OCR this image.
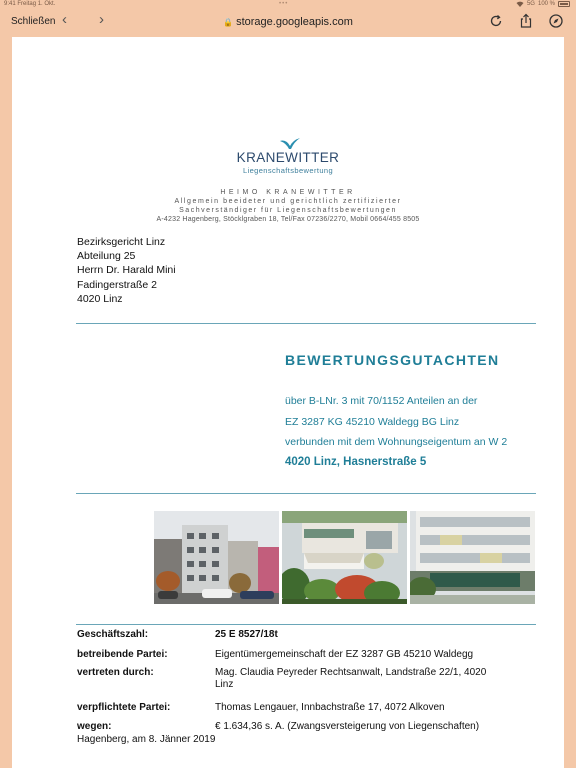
9:41 Freitag 1. Okt.	•••	5G 100 %
Schließen ‹ ›	🔒 storage.googleapis.com
KRANEWITTER
Liegenschaftsbewertung
HEIMO KRANEWITTER
Allgemein beeideter und gerichtlich zertifizierter
Sachverständiger für Liegenschaftsbewertungen
A-4232 Hagenberg, Stöcklgraben 18, Tel/Fax 07236/2270, Mobil 0664/455 8505
Bezirksgericht Linz
Abteilung 25
Herrn Dr. Harald Mini
Fadingerstraße 2
4020 Linz
BEWERTUNGSGUTACHTEN
über B-LNr. 3 mit 70/1152 Anteilen an der
EZ 3287 KG 45210 Waldegg BG Linz
verbunden mit dem Wohnungseigentum an W 2
4020 Linz, Hasnerstraße 5
Geschäftszahl:	25 E 8527/18t
betreibende Partei:	Eigentümergemeinschaft der EZ 3287 GB 45210 Waldegg
vertreten durch:	Mag. Claudia Peyreder Rechtsanwalt, Landstraße 22/1, 4020 Linz
verpflichtete Partei:	Thomas Lengauer, Innbachstraße 17, 4072 Alkoven
wegen:	€ 1.634,36 s. A. (Zwangsversteigerung von Liegenschaften)
Hagenberg, am 8. Jänner 2019
